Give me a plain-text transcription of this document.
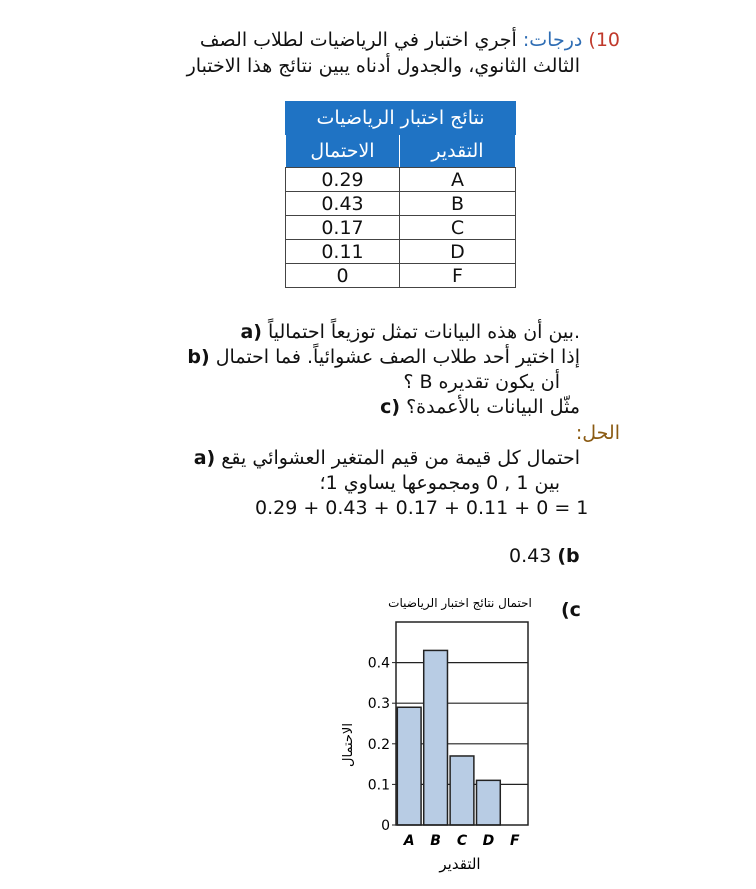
10) درجات: أجري اختبار في الرياضيات لطلاب الصف
الثالث الثانوي، والجدول أدناه يبين نتائج هذا الاختبار
نتائج اختبار الرياضيات	
الاحتمال	التقدير
0.29	A
0.43	B
0.17	C
0.11	D
0	F
a) بين أن هذه البيانات تمثل توزيعاً احتمالياً.
b) إذا اختير أحد طلاب الصف عشوائياً. فما احتمال
أن يكون تقديره B ؟
c) مثّل البيانات بالأعمدة؟
الحل:
a) احتمال كل قيمة من قيم المتغير العشوائي يقع
بين 1 , 0 ومجموعها يساوي 1؛
0.29 + 0.43 + 0.17 + 0.11 + 0 = 1
0.43 (b
(c
احتمال نتائج اختبار الرياضيات
الاحتمال
التقدير
0
0.1
0.2
0.3
0.4
A B C D F
